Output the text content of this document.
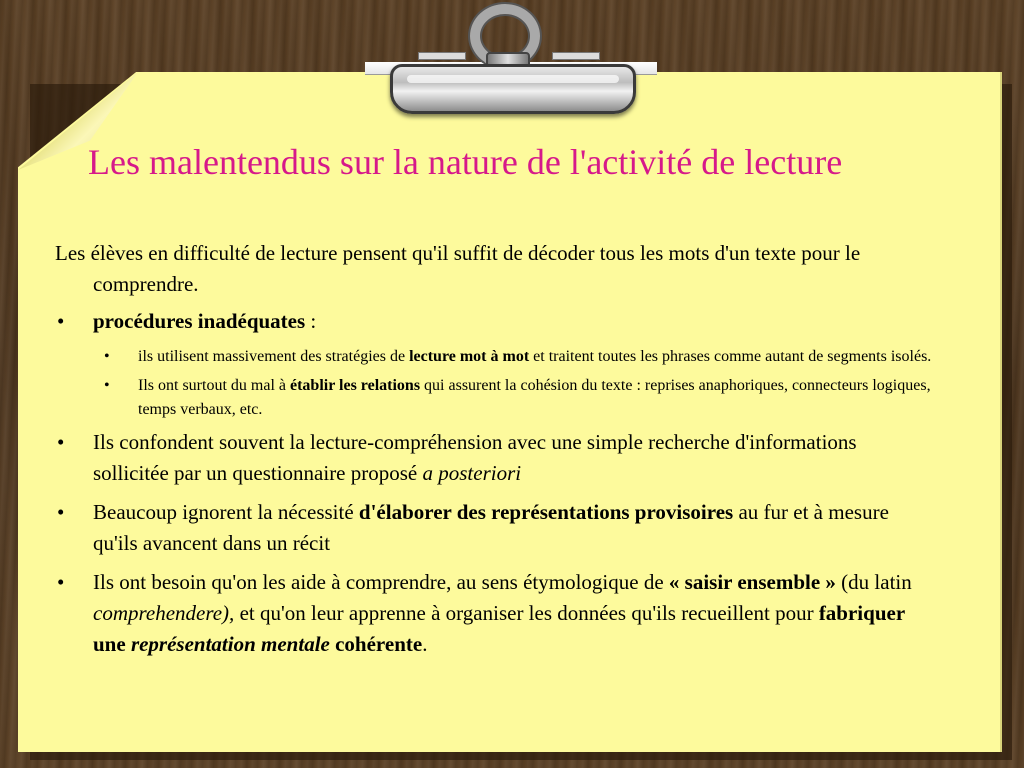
Les malentendus sur la nature de l'activité de lecture

Les élèves en difficulté de lecture pensent qu'il suffit de décoder tous les mots d'un texte pour le comprendre.

• procédures inadéquates :
• ils utilisent massivement des stratégies de lecture mot à mot et traitent toutes les phrases comme autant de segments isolés.
• Ils ont surtout du mal à établir les relations qui assurent la cohésion du texte : reprises anaphoriques, connecteurs logiques, temps verbaux, etc.
• Ils confondent souvent la lecture-compréhension avec une simple recherche d'informations sollicitée par un questionnaire proposé a posteriori
• Beaucoup ignorent la nécessité d'élaborer des représentations provisoires au fur et à mesure qu'ils avancent dans un récit
• Ils ont besoin qu'on les aide à comprendre, au sens étymologique de « saisir ensemble » (du latin comprehendere), et qu'on leur apprenne à organiser les données qu'ils recueillent pour fabriquer une représentation mentale cohérente.
